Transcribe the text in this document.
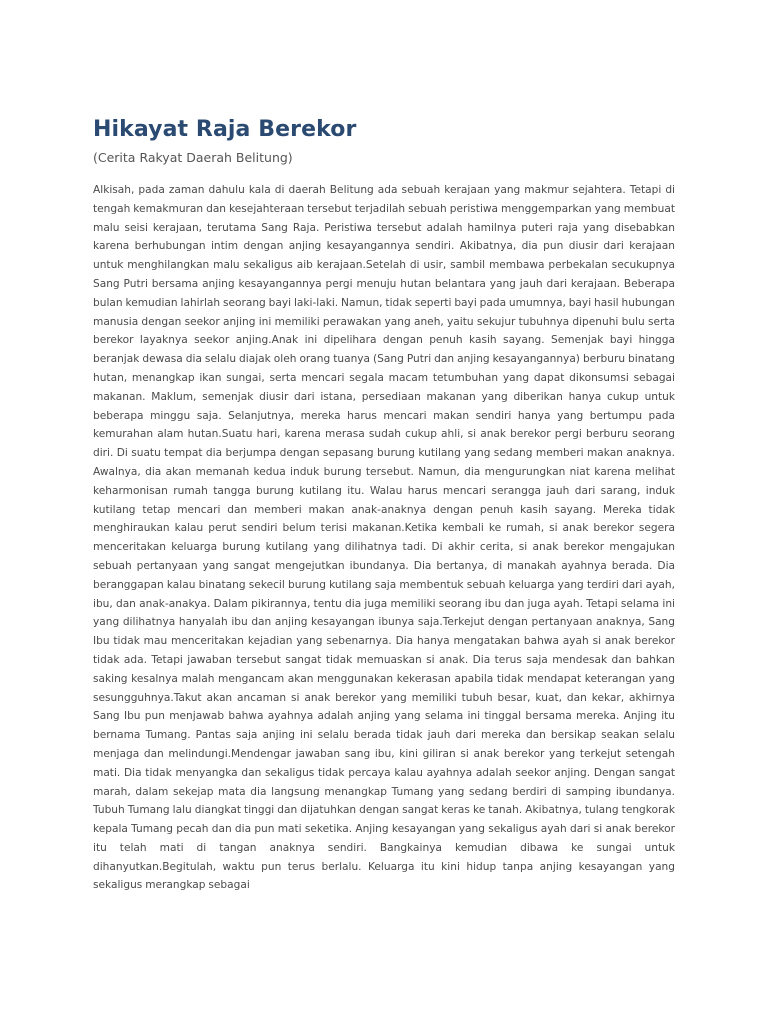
Hikayat Raja Berekor

(Cerita Rakyat Daerah Belitung)

Alkisah, pada zaman dahulu kala di daerah Belitung ada sebuah kerajaan yang makmur sejahtera. Tetapi di tengah kemakmuran dan kesejahteraan tersebut terjadilah sebuah peristiwa menggemparkan yang membuat malu seisi kerajaan, terutama Sang Raja. Peristiwa tersebut adalah hamilnya puteri raja yang disebabkan karena berhubungan intim dengan anjing kesayangannya sendiri. Akibatnya, dia pun diusir dari kerajaan untuk menghilangkan malu sekaligus aib kerajaan.Setelah di usir, sambil membawa perbekalan secukupnya Sang Putri bersama anjing kesayangannya pergi menuju hutan belantara yang jauh dari kerajaan. Beberapa bulan kemudian lahirlah seorang bayi laki-laki. Namun, tidak seperti bayi pada umumnya, bayi hasil hubungan manusia dengan seekor anjing ini memiliki perawakan yang aneh, yaitu sekujur tubuhnya dipenuhi bulu serta berekor layaknya seekor anjing.Anak ini dipelihara dengan penuh kasih sayang. Semenjak bayi hingga beranjak dewasa dia selalu diajak oleh orang tuanya (Sang Putri dan anjing kesayangannya) berburu binatang hutan, menangkap ikan sungai, serta mencari segala macam tetumbuhan yang dapat dikonsumsi sebagai makanan. Maklum, semenjak diusir dari istana, persediaan makanan yang diberikan hanya cukup untuk beberapa minggu saja. Selanjutnya, mereka harus mencari makan sendiri hanya yang bertumpu pada kemurahan alam hutan.Suatu hari, karena merasa sudah cukup ahli, si anak berekor pergi berburu seorang diri. Di suatu tempat dia berjumpa dengan sepasang burung kutilang yang sedang memberi makan anaknya. Awalnya, dia akan memanah kedua induk burung tersebut. Namun, dia mengurungkan niat karena melihat keharmonisan rumah tangga burung kutilang itu. Walau harus mencari serangga jauh dari sarang, induk kutilang tetap mencari dan memberi makan anak-anaknya dengan penuh kasih sayang. Mereka tidak menghiraukan kalau perut sendiri belum terisi makanan.Ketika kembali ke rumah, si anak berekor segera menceritakan keluarga burung kutilang yang dilihatnya tadi. Di akhir cerita, si anak berekor mengajukan sebuah pertanyaan yang sangat mengejutkan ibundanya. Dia bertanya, di manakah ayahnya berada. Dia beranggapan kalau binatang sekecil burung kutilang saja membentuk sebuah keluarga yang terdiri dari ayah, ibu, dan anak-anakya. Dalam pikirannya, tentu dia juga memiliki seorang ibu dan juga ayah. Tetapi selama ini yang dilihatnya hanyalah ibu dan anjing kesayangan ibunya saja.Terkejut dengan pertanyaan anaknya, Sang Ibu tidak mau menceritakan kejadian yang sebenarnya. Dia hanya mengatakan bahwa ayah si anak berekor tidak ada. Tetapi jawaban tersebut sangat tidak memuaskan si anak. Dia terus saja mendesak dan bahkan saking kesalnya malah mengancam akan menggunakan kekerasan apabila tidak mendapat keterangan yang sesungguhnya.Takut akan ancaman si anak berekor yang memiliki tubuh besar, kuat, dan kekar, akhirnya Sang Ibu pun menjawab bahwa ayahnya adalah anjing yang selama ini tinggal bersama mereka. Anjing itu bernama Tumang. Pantas saja anjing ini selalu berada tidak jauh dari mereka dan bersikap seakan selalu menjaga dan melindungi.Mendengar jawaban sang ibu, kini giliran si anak berekor yang terkejut setengah mati. Dia tidak menyangka dan sekaligus tidak percaya kalau ayahnya adalah seekor anjing. Dengan sangat marah, dalam sekejap mata dia langsung menangkap Tumang yang sedang berdiri di samping ibundanya. Tubuh Tumang lalu diangkat tinggi dan dijatuhkan dengan sangat keras ke tanah. Akibatnya, tulang tengkorak kepala Tumang pecah dan dia pun mati seketika. Anjing kesayangan yang sekaligus ayah dari si anak berekor itu telah mati di tangan anaknya sendiri. Bangkainya kemudian dibawa ke sungai untuk dihanyutkan.Begitulah, waktu pun terus berlalu. Keluarga itu kini hidup tanpa anjing kesayangan yang sekaligus merangkap sebagai
